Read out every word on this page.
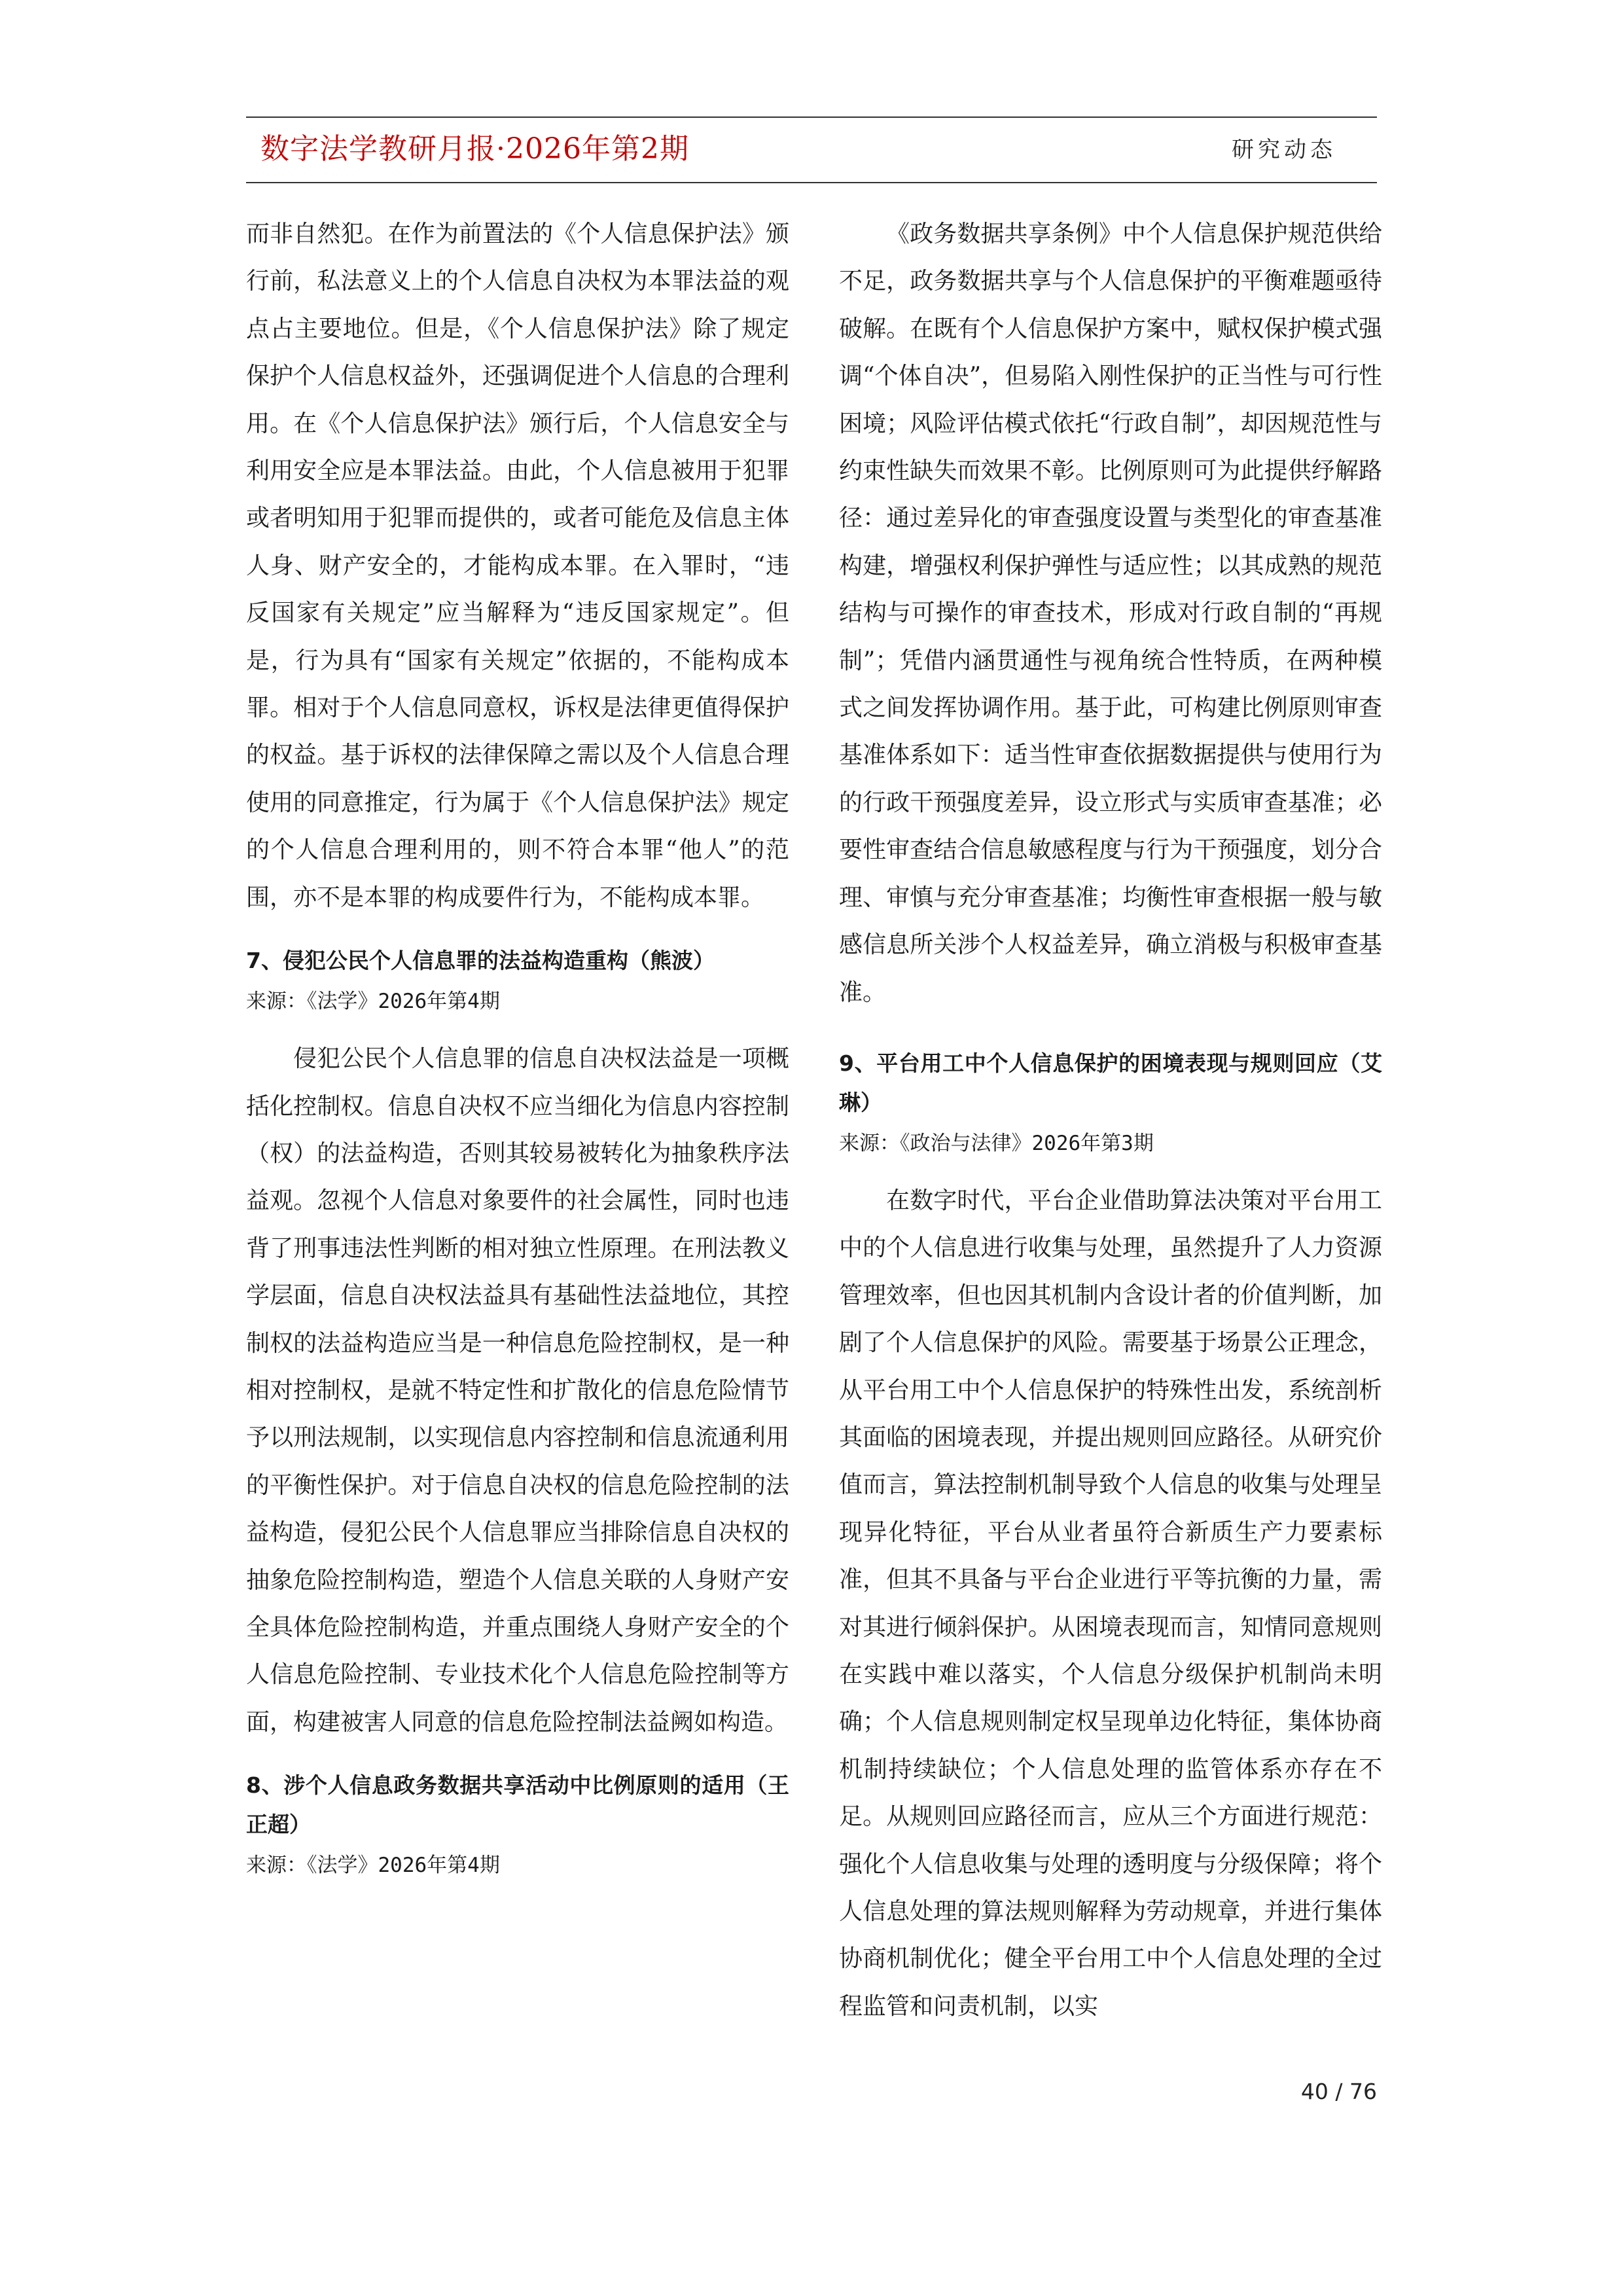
数字法学教研月报·2026年第2期	研究动态

而非自然犯。在作为前置法的《个人信息保护法》颁行前，私法意义上的个人信息自决权为本罪法益的观点占主要地位。但是，《个人信息保护法》除了规定保护个人信息权益外，还强调促进个人信息的合理利用。在《个人信息保护法》颁行后，个人信息安全与利用安全应是本罪法益。由此，个人信息被用于犯罪或者明知用于犯罪而提供的，或者可能危及信息主体人身、财产安全的，才能构成本罪。在入罪时，“违反国家有关规定”应当解释为“违反国家规定”。但是，行为具有“国家有关规定”依据的，不能构成本罪。相对于个人信息同意权，诉权是法律更值得保护的权益。基于诉权的法律保障之需以及个人信息合理使用的同意推定，行为属于《个人信息保护法》规定的个人信息合理利用的，则不符合本罪“他人”的范围，亦不是本罪的构成要件行为，不能构成本罪。

7、侵犯公民个人信息罪的法益构造重构（熊波）

来源：《法学》2026年第4期

侵犯公民个人信息罪的信息自决权法益是一项概括化控制权。信息自决权不应当细化为信息内容控制（权）的法益构造，否则其较易被转化为抽象秩序法益观。忽视个人信息对象要件的社会属性，同时也违背了刑事违法性判断的相对独立性原理。在刑法教义学层面，信息自决权法益具有基础性法益地位，其控制权的法益构造应当是一种信息危险控制权，是一种相对控制权，是就不特定性和扩散化的信息危险情节予以刑法规制，以实现信息内容控制和信息流通利用的平衡性保护。对于信息自决权的信息危险控制的法益构造，侵犯公民个人信息罪应当排除信息自决权的抽象危险控制构造，塑造个人信息关联的人身财产安全具体危险控制构造，并重点围绕人身财产安全的个人信息危险控制、专业技术化个人信息危险控制等方面，构建被害人同意的信息危险控制法益阙如构造。

8、涉个人信息政务数据共享活动中比例原则的适用（王正超）

来源：《法学》2026年第4期

《政务数据共享条例》中个人信息保护规范供给不足，政务数据共享与个人信息保护的平衡难题亟待破解。在既有个人信息保护方案中，赋权保护模式强调“个体自决”，但易陷入刚性保护的正当性与可行性困境；风险评估模式依托“行政自制”，却因规范性与约束性缺失而效果不彰。比例原则可为此提供纾解路径：通过差异化的审查强度设置与类型化的审查基准构建，增强权利保护弹性与适应性；以其成熟的规范结构与可操作的审查技术，形成对行政自制的“再规制”；凭借内涵贯通性与视角统合性特质，在两种模式之间发挥协调作用。基于此，可构建比例原则审查基准体系如下：适当性审查依据数据提供与使用行为的行政干预强度差异，设立形式与实质审查基准；必要性审查结合信息敏感程度与行为干预强度，划分合理、审慎与充分审查基准；均衡性审查根据一般与敏感信息所关涉个人权益差异，确立消极与积极审查基准。

9、平台用工中个人信息保护的困境表现与规则回应（艾琳）

来源：《政治与法律》2026年第3期

在数字时代，平台企业借助算法决策对平台用工中的个人信息进行收集与处理，虽然提升了人力资源管理效率，但也因其机制内含设计者的价值判断，加剧了个人信息保护的风险。需要基于场景公正理念，从平台用工中个人信息保护的特殊性出发，系统剖析其面临的困境表现，并提出规则回应路径。从研究价值而言，算法控制机制导致个人信息的收集与处理呈现异化特征，平台从业者虽符合新质生产力要素标准，但其不具备与平台企业进行平等抗衡的力量，需对其进行倾斜保护。从困境表现而言，知情同意规则在实践中难以落实，个人信息分级保护机制尚未明确；个人信息规则制定权呈现单边化特征，集体协商机制持续缺位；个人信息处理的监管体系亦存在不足。从规则回应路径而言，应从三个方面进行规范：强化个人信息收集与处理的透明度与分级保障；将个人信息处理的算法规则解释为劳动规章，并进行集体协商机制优化；健全平台用工中个人信息处理的全过程监管和问责机制，以实

40 / 76
